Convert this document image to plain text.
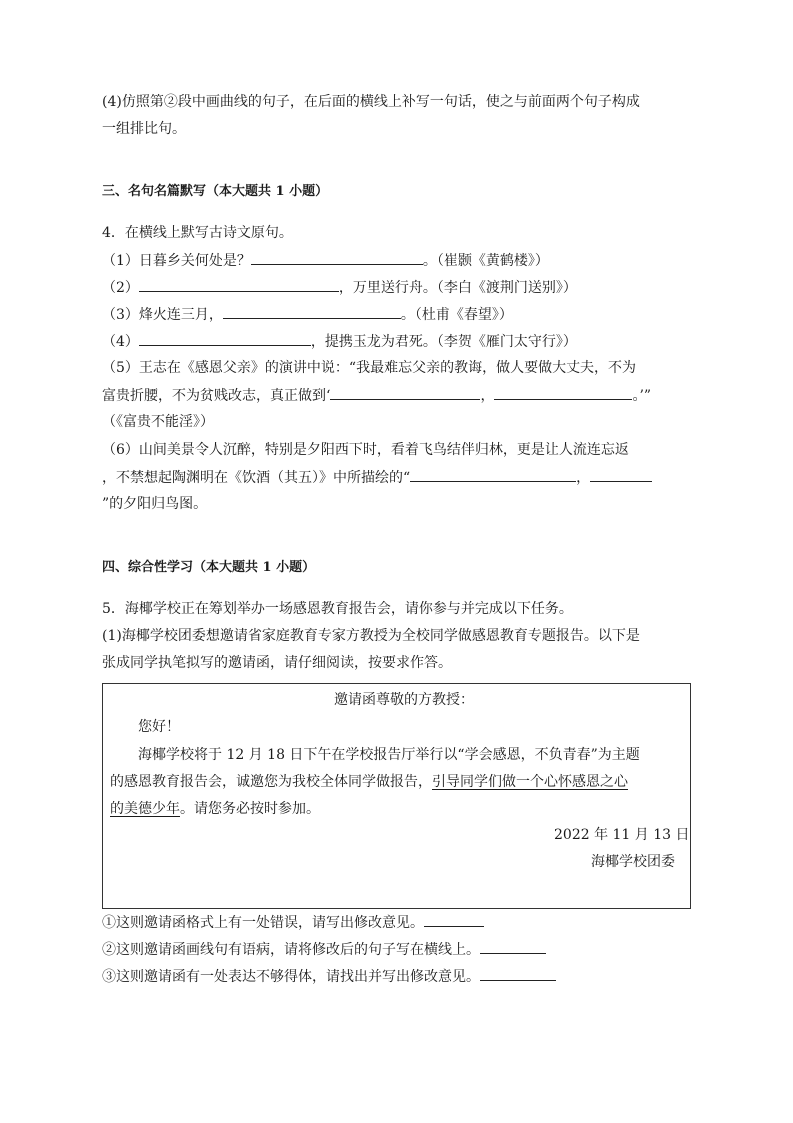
(4)仿照第②段中画曲线的句子，在后面的横线上补写一句话，使之与前面两个句子构成
一组排比句。
三、名句名篇默写（本大题共 1 小题）
4．在横线上默写古诗文原句。
（1）日暮乡关何处是？	。（崔颢《黄鹤楼》）
（2）	，万里送行舟。（李白《渡荆门送别》）
（3）烽火连三月，	。（杜甫《春望》）
（4）	，提携玉龙为君死。（李贺《雁门太守行》）
（5）王志在《感恩父亲》的演讲中说：“我最难忘父亲的教诲，做人要做大丈夫，不为
富贵折腰，不为贫贱改志，真正做到‘	，	。’”
（《富贵不能淫》）
（6）山间美景令人沉醉，特别是夕阳西下时，看着飞鸟结伴归林，更是让人流连忘返
，不禁想起陶渊明在《饮酒（其五）》中所描绘的“	，
”的夕阳归鸟图。
四、综合性学习（本大题共 1 小题）
5．海椰学校正在筹划举办一场感恩教育报告会，请你参与并完成以下任务。
(1)海椰学校团委想邀请省家庭教育专家方教授为全校同学做感恩教育专题报告。以下是
张成同学执笔拟写的邀请函，请仔细阅读，按要求作答。
邀请函尊敬的方教授：
您好！
海椰学校将于 12 月 18 日下午在学校报告厅举行以“学会感恩，不负青春”为主题
的感恩教育报告会，诚邀您为我校全体同学做报告，引导同学们做一个心怀感恩之心
的美德少年。请您务必按时参加。
2022 年 11 月 13 日
海椰学校团委
①这则邀请函格式上有一处错误，请写出修改意见。
②这则邀请函画线句有语病，请将修改后的句子写在横线上。
③这则邀请函有一处表达不够得体，请找出并写出修改意见。
